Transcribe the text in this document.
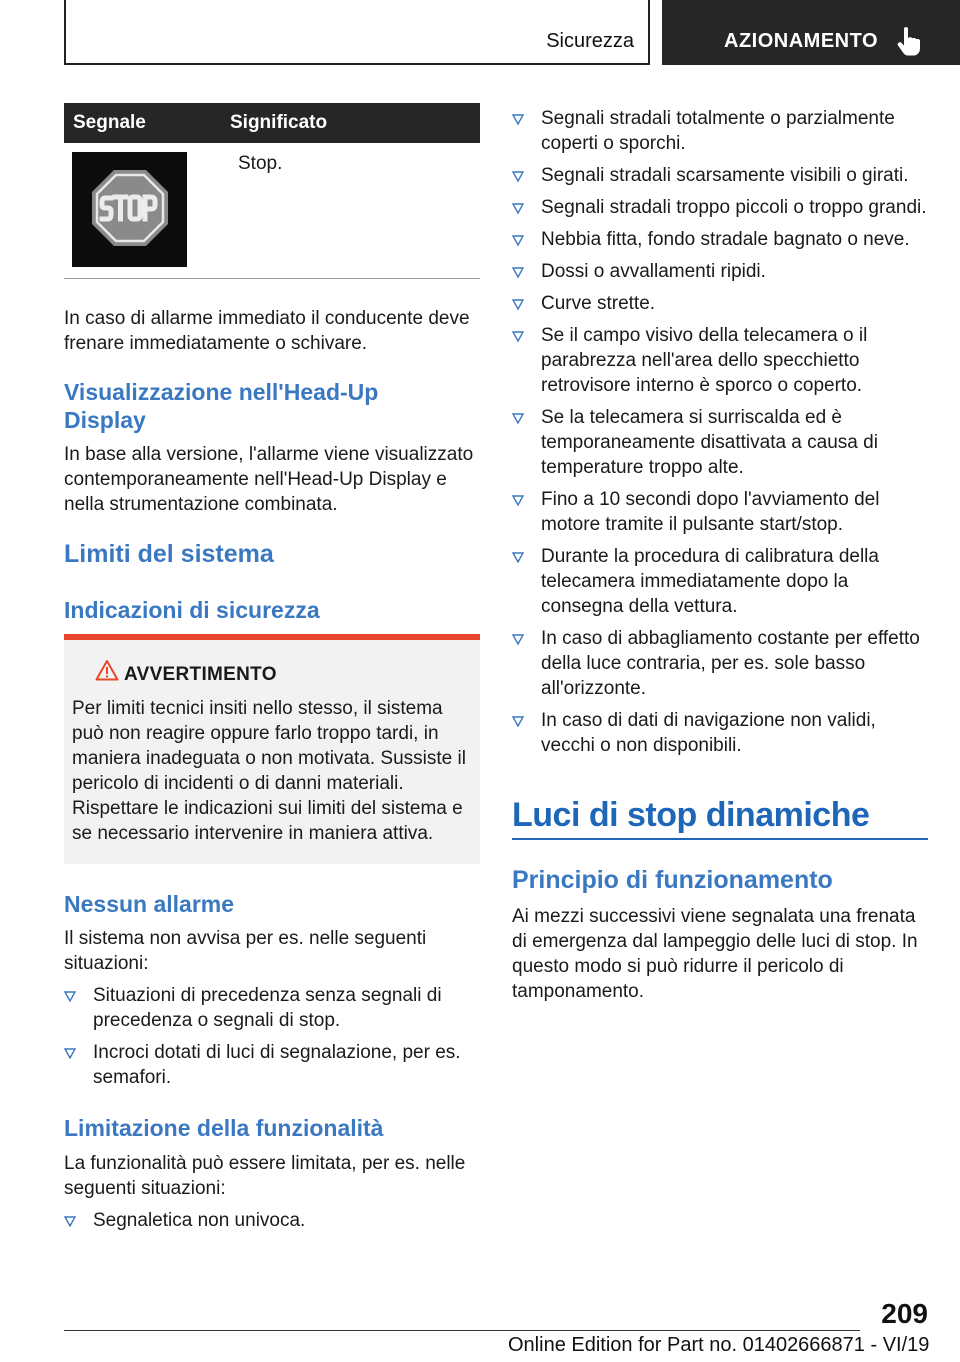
Sicurezza	AZIONAMENTO
Segnale	Significato
Stop.

In caso di allarme immediato il conducente deve frenare immediatamente o schivare.

Visualizzazione nell'Head-Up Display

In base alla versione, l'allarme viene visualizzato contemporaneamente nell'Head-Up Display e nella strumentazione combinata.

Limiti del sistema
Indicazioni di sicurezza
AVVERTIMENTO
Per limiti tecnici insiti nello stesso, il sistema può non reagire oppure farlo troppo tardi, in maniera inadeguata o non motivata. Sussiste il pericolo di incidenti o di danni materiali. Rispettare le indicazioni sui limiti del sistema e se necessario intervenire in maniera attiva.
Nessun allarme

Il sistema non avvisa per es. nelle seguenti situazioni:

Situazioni di precedenza senza segnali di precedenza o segnali di stop.
Incroci dotati di luci di segnalazione, per es. semafori.
Limitazione della funzionalità

La funzionalità può essere limitata, per es. nelle seguenti situazioni:

Segnaletica non univoca.
Segnali stradali totalmente o parzialmente coperti o sporchi.
Segnali stradali scarsamente visibili o girati.
Segnali stradali troppo piccoli o troppo grandi.
Nebbia fitta, fondo stradale bagnato o neve.
Dossi o avvallamenti ripidi.
Curve strette.
Se il campo visivo della telecamera o il parabrezza nell'area dello specchietto retrovisore interno è sporco o coperto.
Se la telecamera si surriscalda ed è temporaneamente disattivata a causa di temperature troppo alte.
Fino a 10 secondi dopo l'avviamento del motore tramite il pulsante start/stop.
Durante la procedura di calibratura della telecamera immediatamente dopo la consegna della vettura.
In caso di abbagliamento costante per effetto della luce contraria, per es. sole basso all'orizzonte.
In caso di dati di navigazione non validi, vecchi o non disponibili.
Luci di stop dinamiche
Principio di funzionamento

Ai mezzi successivi viene segnalata una frenata di emergenza dal lampeggio delle luci di stop. In questo modo si può ridurre il pericolo di tamponamento.

209
Online Edition for Part no. 01402666871 - VI/19
